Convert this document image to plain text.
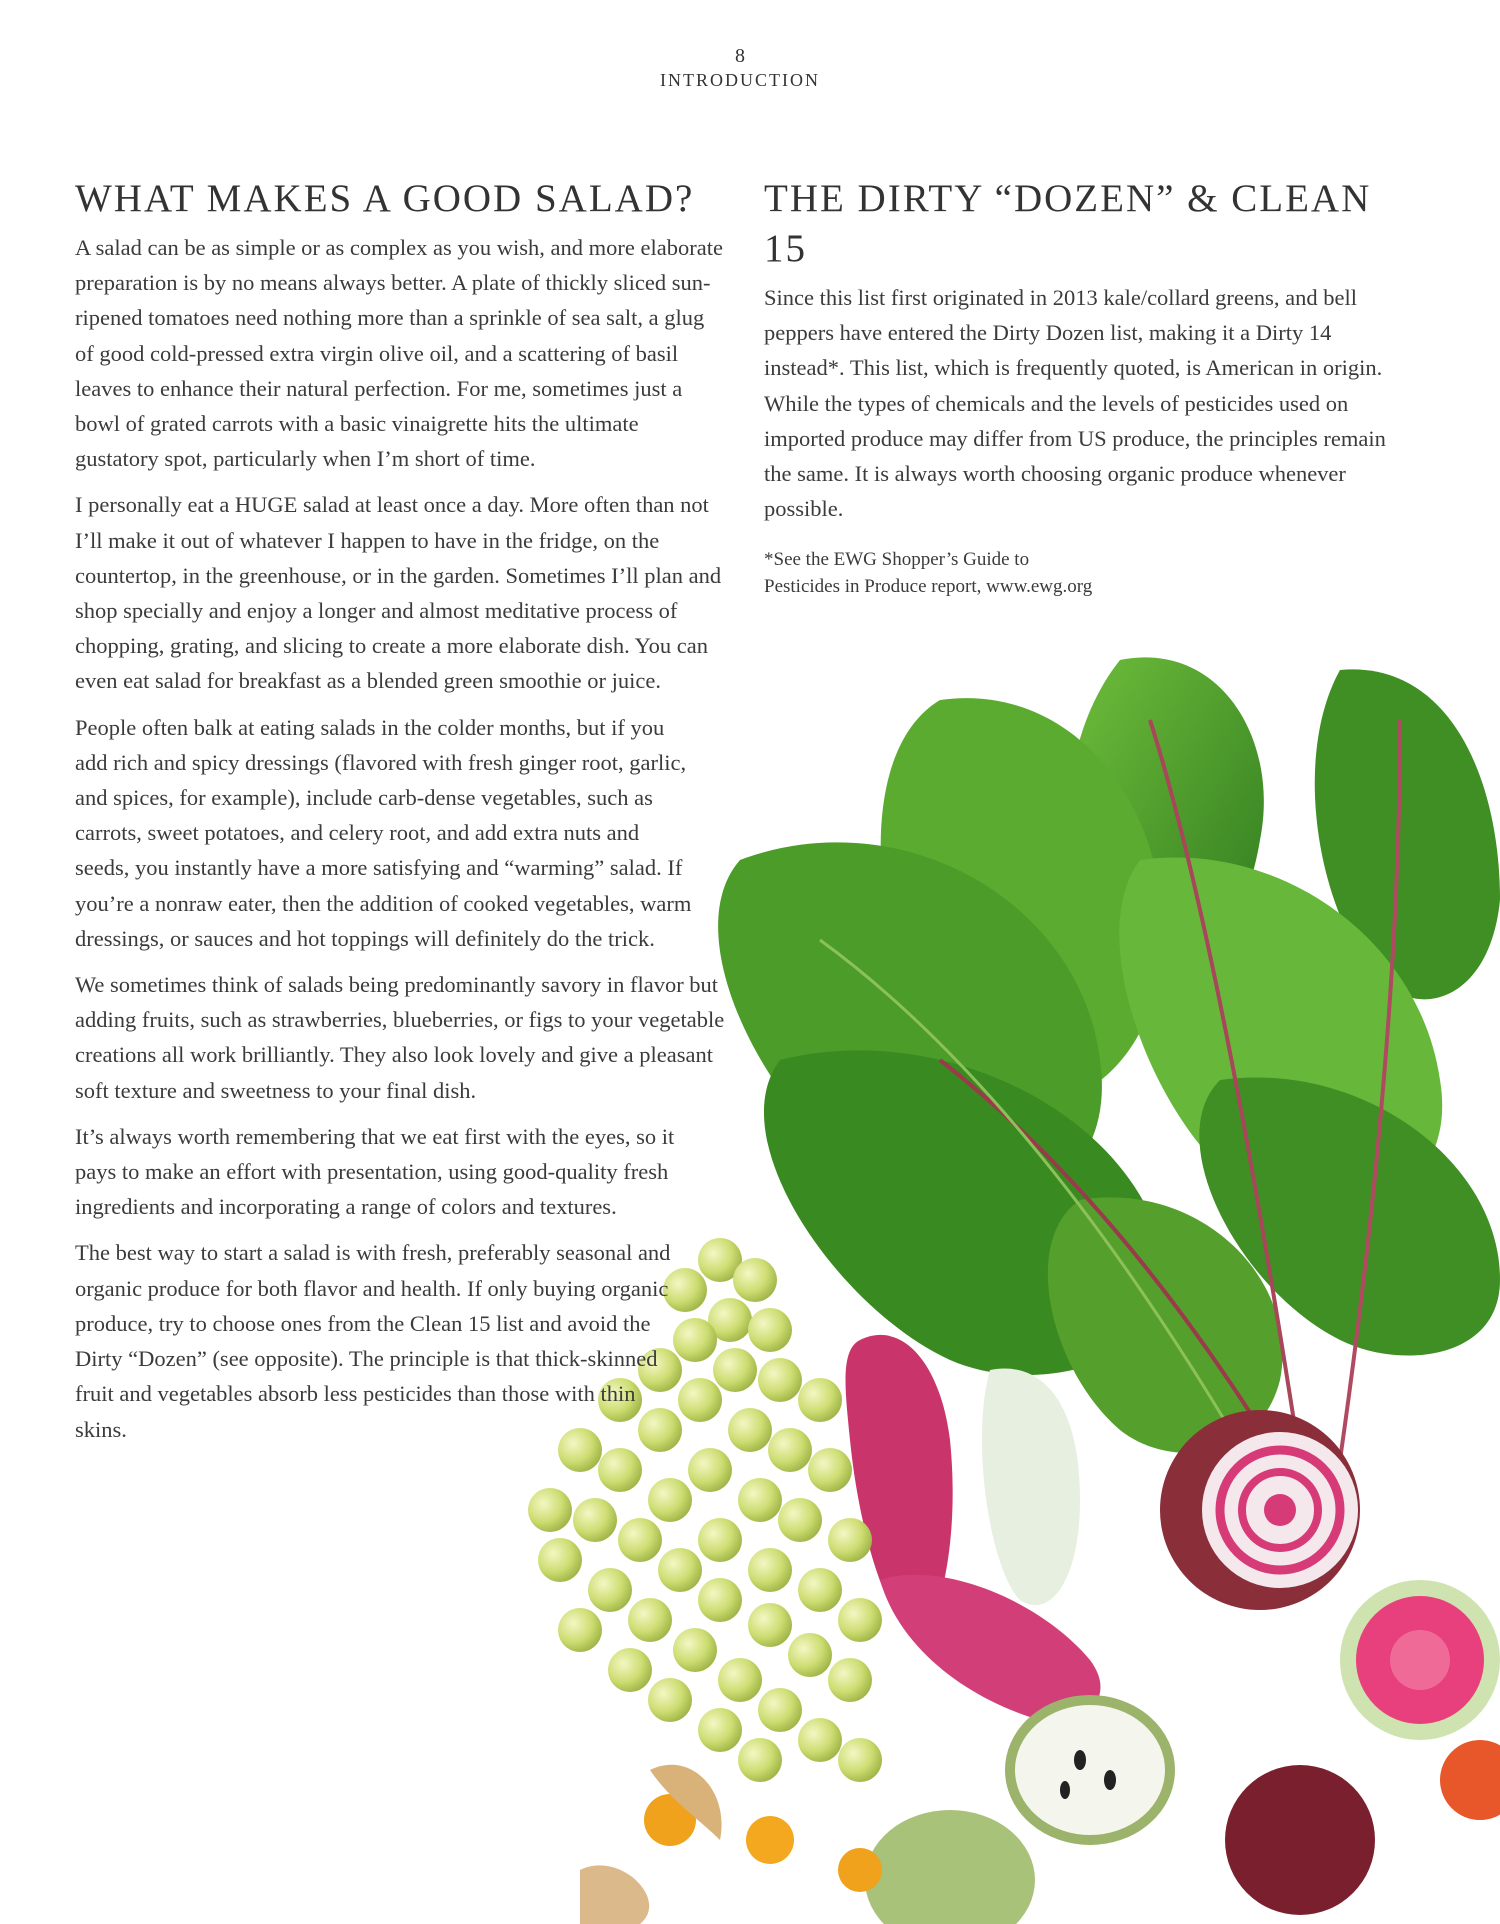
8
INTRODUCTION
WHAT MAKES A GOOD SALAD?

A salad can be as simple or as complex as you wish, and more elaborate preparation is by no means always better. A plate of thickly sliced sun-ripened tomatoes need nothing more than a sprinkle of sea salt, a glug of good cold-pressed extra virgin olive oil, and a scattering of basil leaves to enhance their natural perfection. For me, sometimes just a bowl of grated carrots with a basic vinaigrette hits the ultimate gustatory spot, particularly when I’m short of time.

I personally eat a HUGE salad at least once a day. More often than not I’ll make it out of whatever I happen to have in the fridge, on the countertop, in the greenhouse, or in the garden. Sometimes I’ll plan and shop specially and enjoy a longer and almost meditative process of chopping, grating, and slicing to create a more elaborate dish. You can even eat salad for breakfast as a blended green smoothie or juice.

People often balk at eating salads in the colder months, but if you add rich and spicy dressings (flavored with fresh ginger root, garlic, and spices, for example), include carb-dense vegetables, such as carrots, sweet potatoes, and celery root, and add extra nuts and seeds, you instantly have a more satisfying and “warming” salad. If you’re a nonraw eater, then the addition of cooked vegetables, warm dressings, or sauces and hot toppings will definitely do the trick.

We sometimes think of salads being predominantly savory in flavor but adding fruits, such as strawberries, blueberries, or figs to your vegetable creations all work brilliantly. They also look lovely and give a pleasant soft texture and sweetness to your final dish.

It’s always worth remembering that we eat first with the eyes, so it pays to make an effort with presentation, using good-quality fresh ingredients and incorporating a range of colors and textures.

The best way to start a salad is with fresh, preferably seasonal and organic produce for both flavor and health. If only buying organic produce, try to choose ones from the Clean 15 list and avoid the Dirty “Dozen” (see opposite). The principle is that thick-skinned fruit and vegetables absorb less pesticides than those with thin skins.

THE DIRTY “DOZEN” & CLEAN 15

Since this list first originated in 2013 kale/collard greens, and bell peppers have entered the Dirty Dozen list, making it a Dirty 14 instead*. This list, which is frequently quoted, is American in origin. While the types of chemicals and the levels of pesticides used on imported produce may differ from US produce, the principles remain the same. It is always worth choosing organic produce whenever possible.

*See the EWG Shopper’s Guide to
Pesticides in Produce report, www.ewg.org
